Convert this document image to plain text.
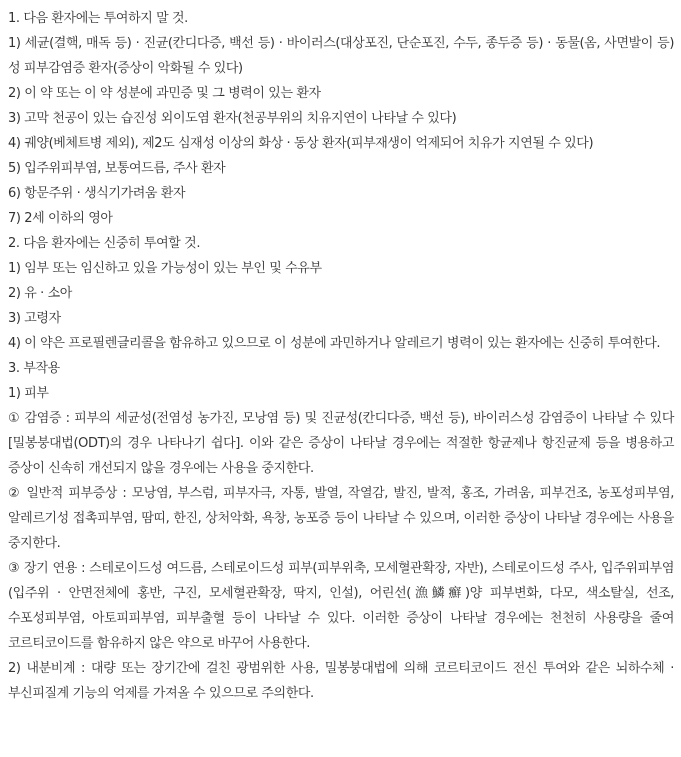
1. 다음 환자에는 투여하지 말 것.

1) 세균(결핵, 매독 등) · 진균(칸디다증, 백선 등) · 바이러스(대상포진, 단순포진, 수두, 종두증 등) · 동물(옴, 사면발이 등)성 피부감염증 환자(증상이 악화될 수 있다)

2) 이 약 또는 이 약 성분에 과민증 및 그 병력이 있는 환자

3) 고막 천공이 있는 습진성 외이도염 환자(천공부위의 치유지연이 나타날 수 있다)

4) 궤양(베체트병 제외), 제2도 심재성 이상의 화상 · 동상 환자(피부재생이 억제되어 치유가 지연될 수 있다)

5) 입주위피부염, 보통여드름, 주사 환자

6) 항문주위 · 생식기가려움 환자

7) 2세 이하의 영아

2. 다음 환자에는 신중히 투여할 것.

1) 임부 또는 임신하고 있을 가능성이 있는 부인 및 수유부

2) 유 · 소아

3) 고령자

4) 이 약은 프로필렌글리콜을 함유하고 있으므로 이 성분에 과민하거나 알레르기 병력이 있는 환자에는 신중히 투여한다.

3. 부작용

1) 피부

① 감염증 : 피부의 세균성(전염성 농가진, 모낭염 등) 및 진균성(칸디다증, 백선 등), 바이러스성 감염증이 나타날 수 있다[밀봉붕대법(ODT)의 경우 나타나기 쉽다]. 이와 같은 증상이 나타날 경우에는 적절한 항균제나 항진균제 등을 병용하고 증상이 신속히 개선되지 않을 경우에는 사용을 중지한다.

② 일반적 피부증상 : 모낭염, 부스럼, 피부자극, 자통, 발열, 작열감, 발진, 발적, 홍조, 가려움, 피부건조, 농포성피부염, 알레르기성 접촉피부염, 땀띠, 한진, 상처악화, 욕창, 농포증 등이 나타날 수 있으며, 이러한 증상이 나타날 경우에는 사용을 중지한다.

③ 장기 연용 : 스테로이드성 여드름, 스테로이드성 피부(피부위축, 모세혈관확장, 자반), 스테로이드성 주사, 입주위피부염(입주위 · 안면전체에 홍반, 구진, 모세혈관확장, 딱지, 인설), 어린선(漁鱗癬)양 피부변화, 다모, 색소탈실, 선조, 수포성피부염, 아토피피부염, 피부출혈 등이 나타날 수 있다. 이러한 증상이 나타날 경우에는 천천히 사용량을 줄여 코르티코이드를 함유하지 않은 약으로 바꾸어 사용한다.

2) 내분비계 : 대량 또는 장기간에 걸친 광범위한 사용, 밀봉붕대법에 의해 코르티코이드 전신 투여와 같은 뇌하수체 · 부신피질계 기능의 억제를 가져올 수 있으므로 주의한다.
